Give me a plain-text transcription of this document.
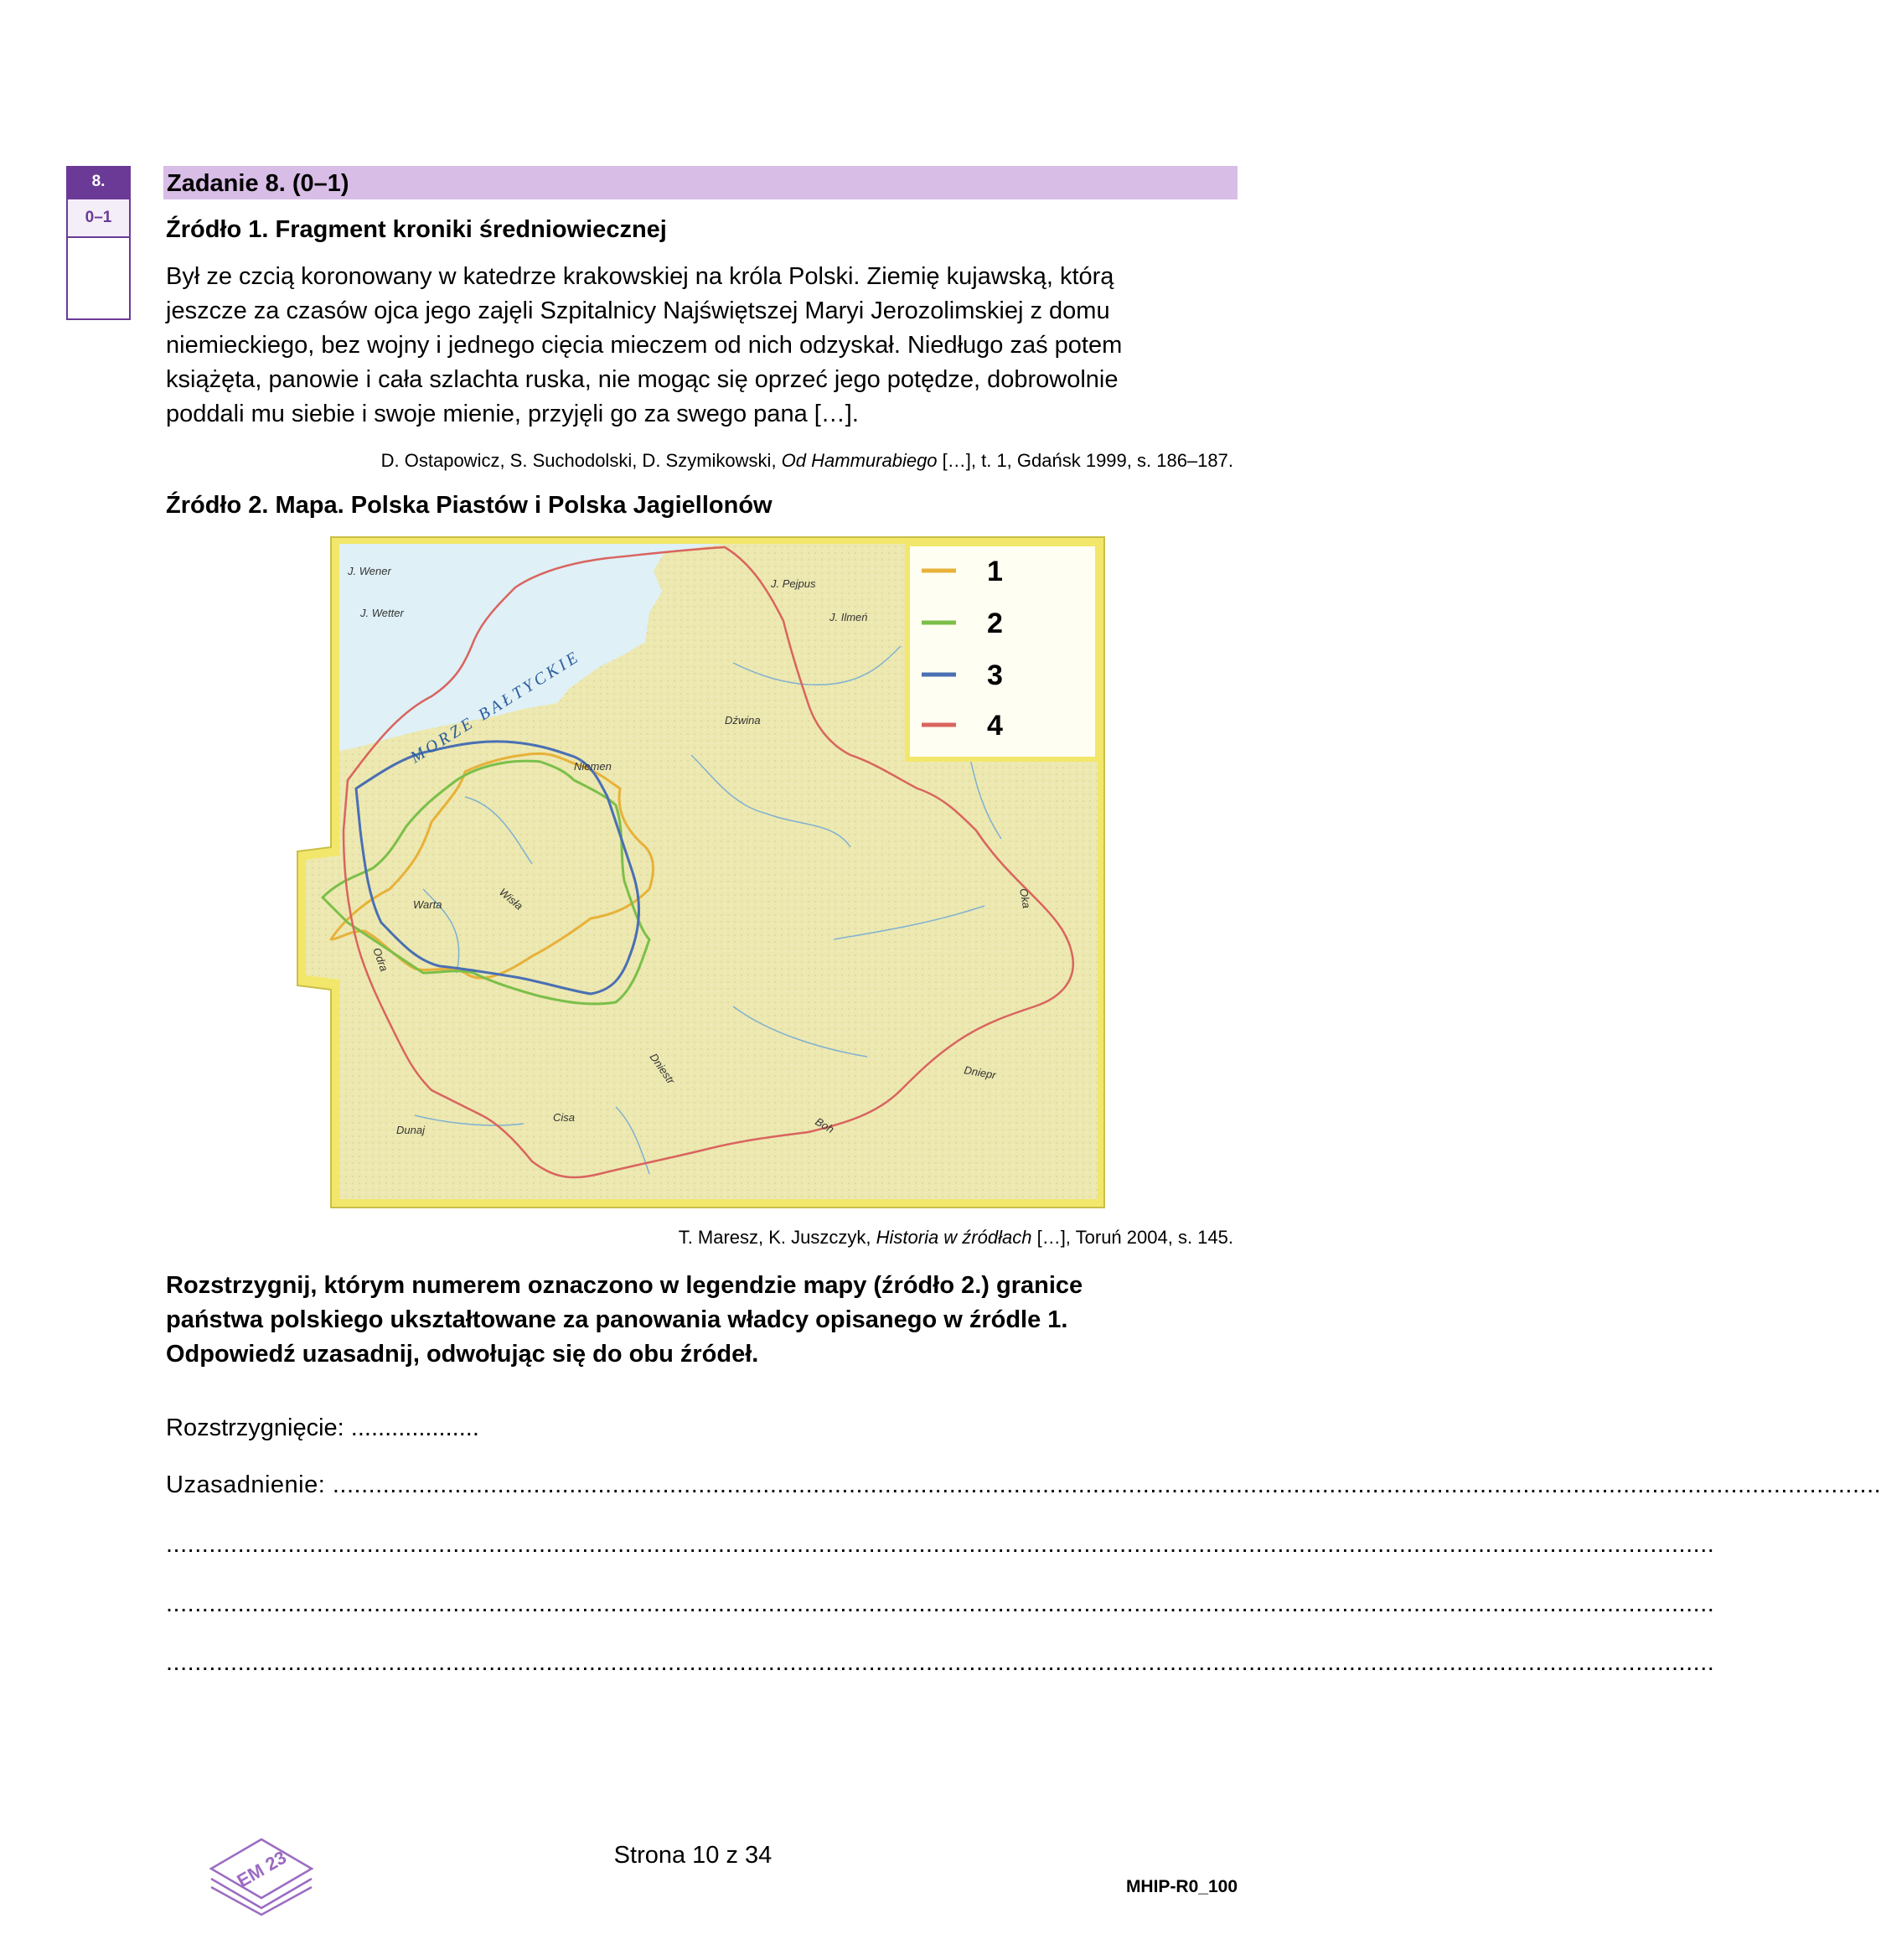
8.
0–1
Zadanie 8. (0–1)
Źródło 1. Fragment kroniki średniowiecznej
Był ze czcią koronowany w katedrze krakowskiej na króla Polski. Ziemię kujawską, którą
jeszcze za czasów ojca jego zajęli Szpitalnicy Najświętszej Maryi Jerozolimskiej z domu
niemieckiego, bez wojny i jednego cięcia mieczem od nich odzyskał. Niedługo zaś potem
książęta, panowie i cała szlachta ruska, nie mogąc się oprzeć jego potędze, dobrowolnie
poddali mu siebie i swoje mienie, przyjęli go za swego pana […].
D. Ostapowicz, S. Suchodolski, D. Szymikowski, Od Hammurabiego […], t. 1, Gdańsk 1999, s. 186–187.
Źródło 2. Mapa. Polska Piastów i Polska Jagiellonów
1
2
3
4
MORZE BAŁTYCKIE
J. Wener
J. Wetter
J. Pejpus
J. Ilmeń
Dźwina
Niemen
Warta	Wisła
Odra
Dniestr	Dniepr
Boh
Cisa
Dunaj
Oka
T. Maresz, K. Juszczyk, Historia w źródłach […], Toruń 2004, s. 145.
Rozstrzygnij, którym numerem oznaczono w legendzie mapy (źródło 2.) granice
państwa polskiego ukształtowane za panowania władcy opisanego w źródle 1.
Odpowiedź uzasadnij, odwołując się do obu źródeł.
Rozstrzygnięcie: ...................
Uzasadnienie: ........................................................................................................................................................................................................................
........................................................................................................................................................................................................................
........................................................................................................................................................................................................................
........................................................................................................................................................................................................................
EM 23	Strona 10 z 34
MHIP-R0_100
